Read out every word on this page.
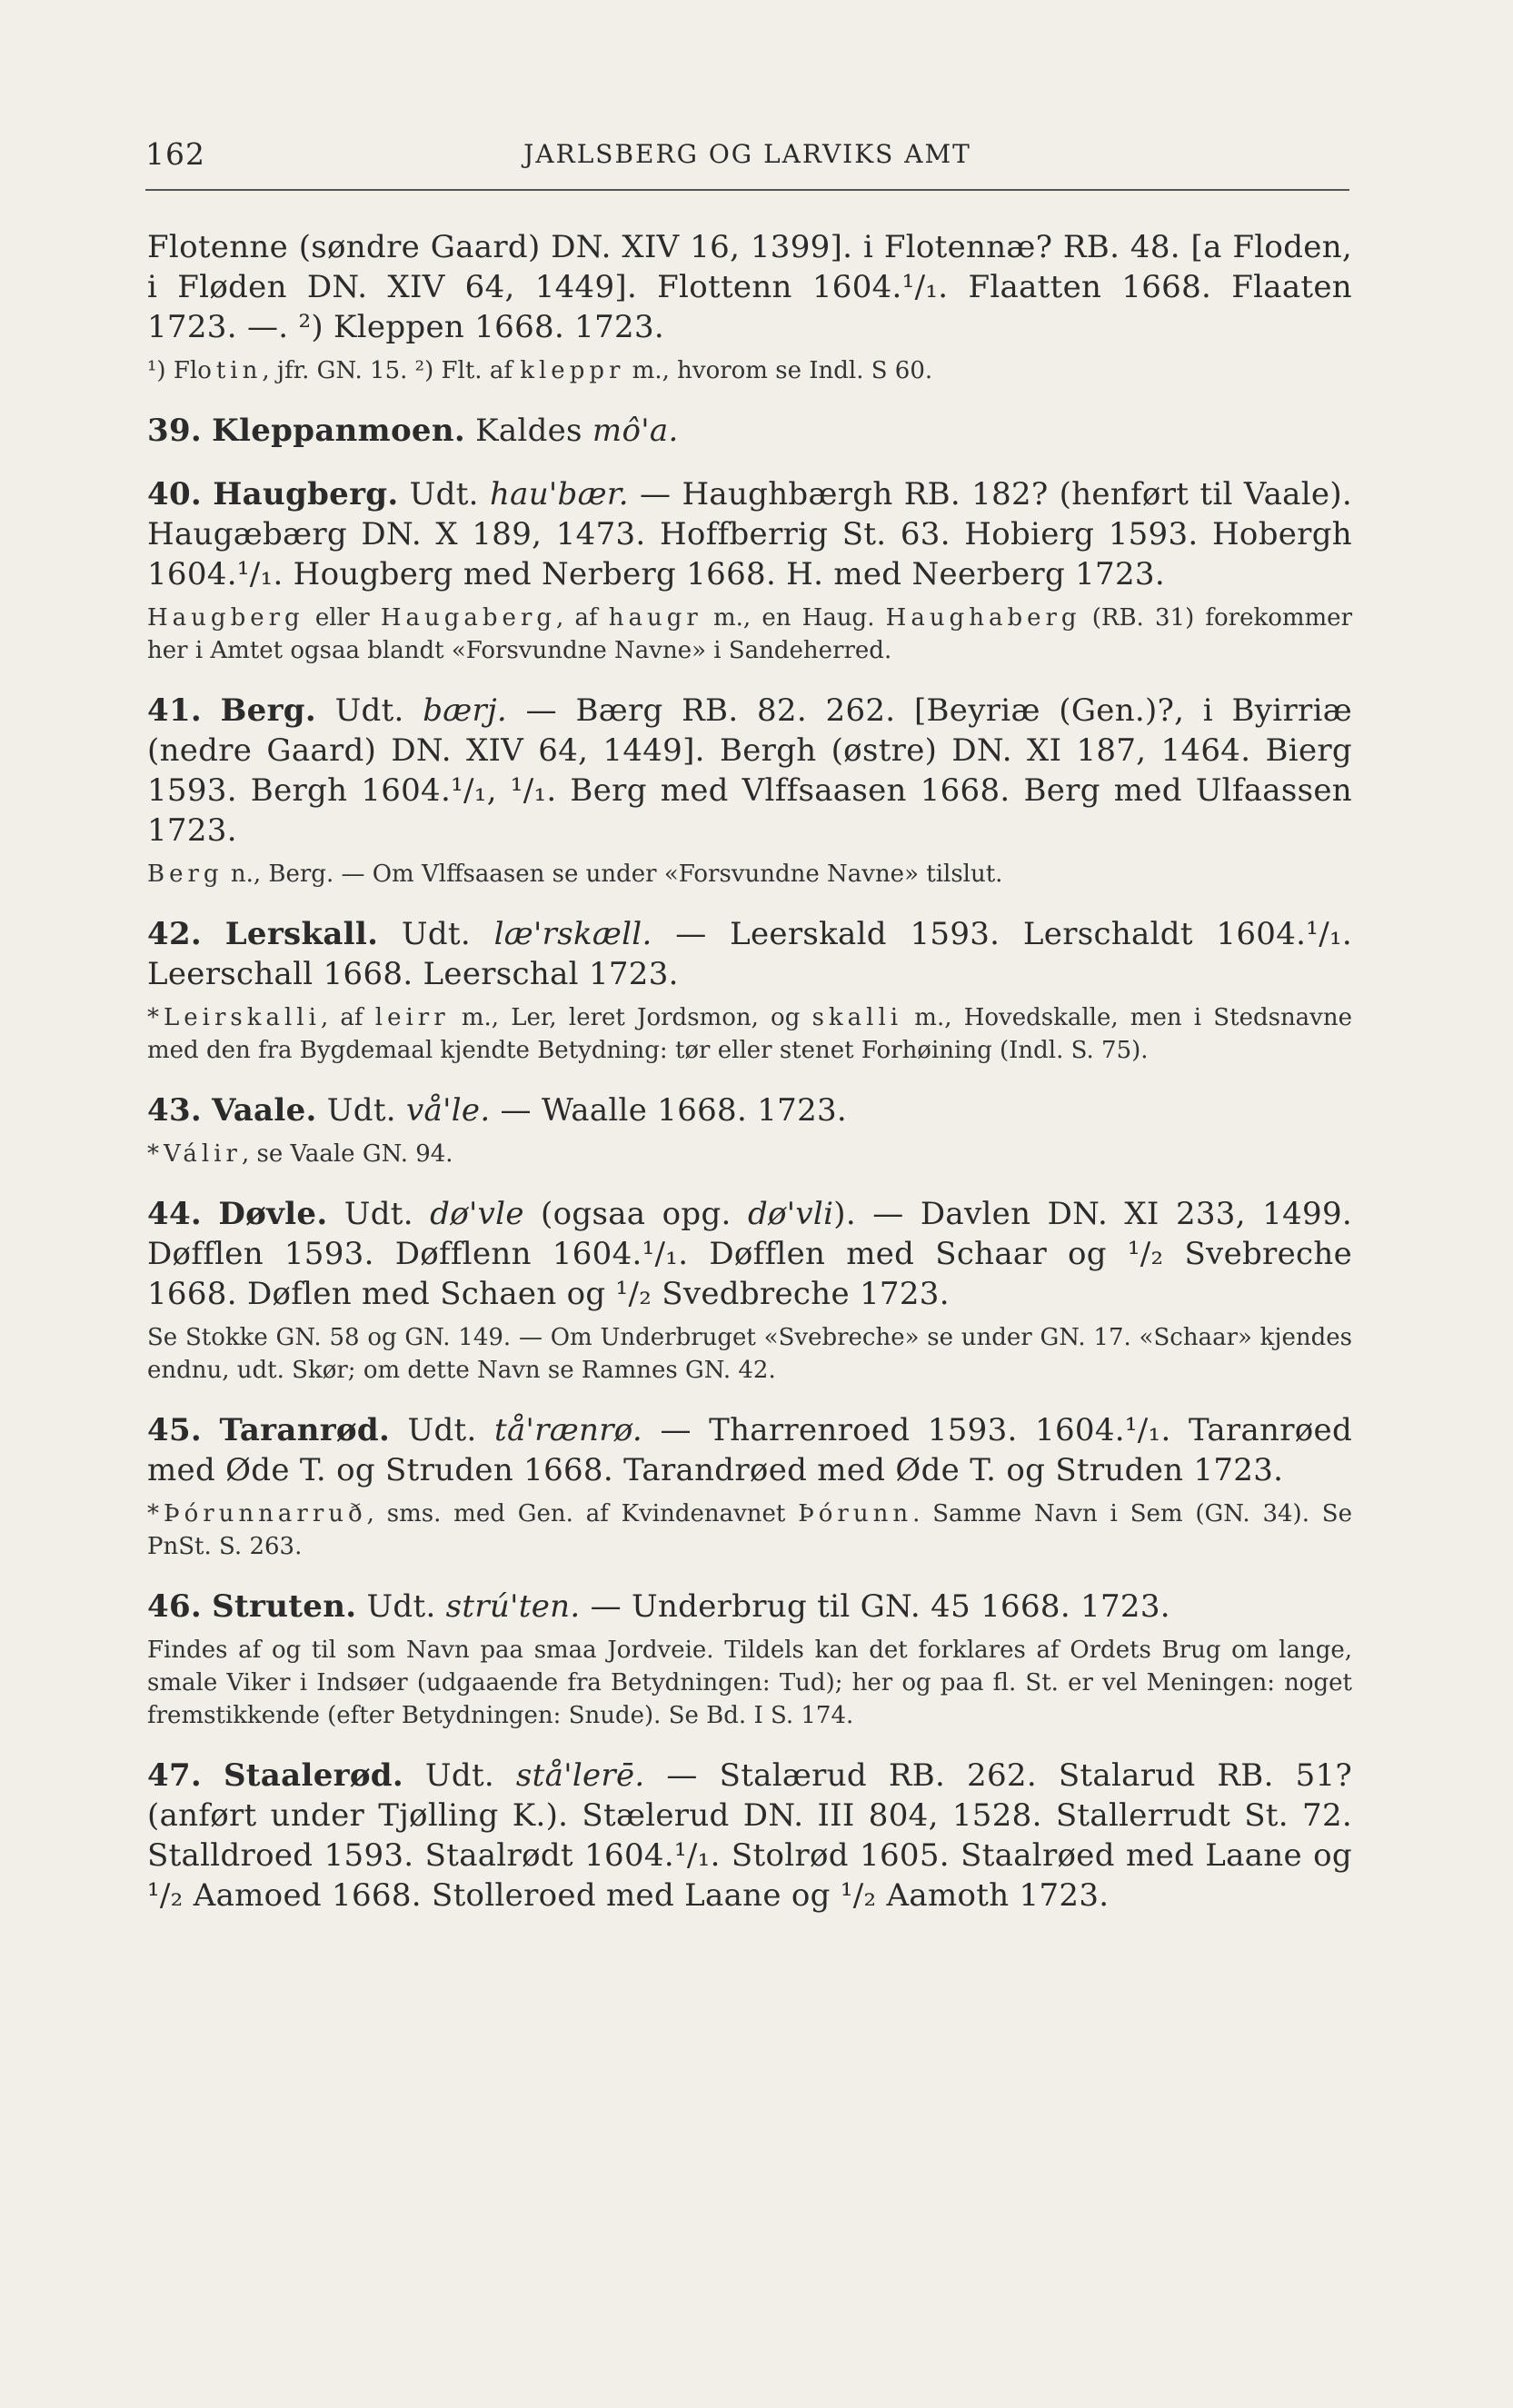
162	JARLSBERG OG LARVIKS AMT

Flotenne (søndre Gaard) DN. XIV 16, 1399]. i Flotennæ? RB. 48. [a Floden, i Fløden DN. XIV 64, 1449]. Flottenn 1604.¹/₁. Flaatten 1668. Flaaten 1723. —. ²) Kleppen 1668. 1723.

¹) Flotin, jfr. GN. 15. ²) Flt. af kleppr m., hvorom se Indl. S 60.

39. Kleppanmoen. Kaldes mô'a.

40. Haugberg. Udt. hau'bær. — Haughbærgh RB. 182? (henført til Vaale). Haugæbærg DN. X 189, 1473. Hoffberrig St. 63. Hobierg 1593. Hobergh 1604.¹/₁. Hougberg med Nerberg 1668. H. med Neerberg 1723.

Haugberg eller Haugaberg, af haugr m., en Haug. Haughaberg (RB. 31) forekommer her i Amtet ogsaa blandt «Forsvundne Navne» i Sandeherred.

41. Berg. Udt. bærj. — Bærg RB. 82. 262. [Beyriæ (Gen.)?, i Byirriæ (nedre Gaard) DN. XIV 64, 1449]. Bergh (østre) DN. XI 187, 1464. Bierg 1593. Bergh 1604.¹/₁, ¹/₁. Berg med Vlffsaasen 1668. Berg med Ulfaassen 1723.

Berg n., Berg. — Om Vlffsaasen se under «Forsvundne Navne» tilslut.

42. Lerskall. Udt. læ'rskæll. — Leerskald 1593. Lerschaldt 1604.¹/₁. Leerschall 1668. Leerschal 1723.

*Leirskalli, af leirr m., Ler, leret Jordsmon, og skalli m., Hovedskalle, men i Stedsnavne med den fra Bygdemaal kjendte Betydning: tør eller stenet Forhøining (Indl. S. 75).

43. Vaale. Udt. vå'le. — Waalle 1668. 1723.

*Válir, se Vaale GN. 94.

44. Døvle. Udt. dø'vle (ogsaa opg. dø'vli). — Davlen DN. XI 233, 1499. Døfflen 1593. Døfflenn 1604.¹/₁. Døfflen med Schaar og ¹/₂ Svebreche 1668. Døflen med Schaen og ¹/₂ Svedbreche 1723.

Se Stokke GN. 58 og GN. 149. — Om Underbruget «Svebreche» se under GN. 17. «Schaar» kjendes endnu, udt. Skør; om dette Navn se Ramnes GN. 42.

45. Taranrød. Udt. tå'rænrø. — Tharrenroed 1593. 1604.¹/₁. Taranrøed med Øde T. og Struden 1668. Tarandrøed med Øde T. og Struden 1723.

*Þórunnarruð, sms. med Gen. af Kvindenavnet Þórunn. Samme Navn i Sem (GN. 34). Se PnSt. S. 263.

46. Struten. Udt. strú'ten. — Underbrug til GN. 45 1668. 1723.

Findes af og til som Navn paa smaa Jordveie. Tildels kan det forklares af Ordets Brug om lange, smale Viker i Indsøer (udgaaende fra Betydningen: Tud); her og paa fl. St. er vel Meningen: noget fremstikkende (efter Betydningen: Snude). Se Bd. I S. 174.

47. Staalerød. Udt. stå'lerē. — Stalærud RB. 262. Stalarud RB. 51? (anført under Tjølling K.). Stælerud DN. III 804, 1528. Stallerrudt St. 72. Stalldroed 1593. Staalrødt 1604.¹/₁. Stolrød 1605. Staalrøed med Laane og ¹/₂ Aamoed 1668. Stolleroed med Laane og ¹/₂ Aamoth 1723.
